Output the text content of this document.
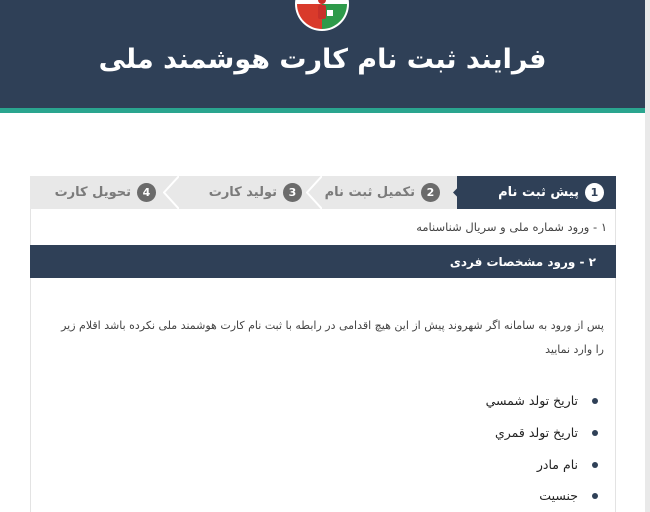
فرایند ثبت نام کارت هوشمند ملی
1
پیش ثبت نام
2
تکمیل ثبت نام
3
تولید کارت
4
تحویل کارت
۱ - ورود شماره ملی و سریال شناسنامه
۲ - ورود مشخصات فردی
پس از ورود به سامانه اگر شهروند پیش از این هیچ اقدامی در رابطه با ثبت نام کارت هوشمند ملی نکرده باشد اقلام زیر را وارد نمایید
تاریخ تولد شمسي
تاریخ تولد قمري
نام مادر
جنسیت
